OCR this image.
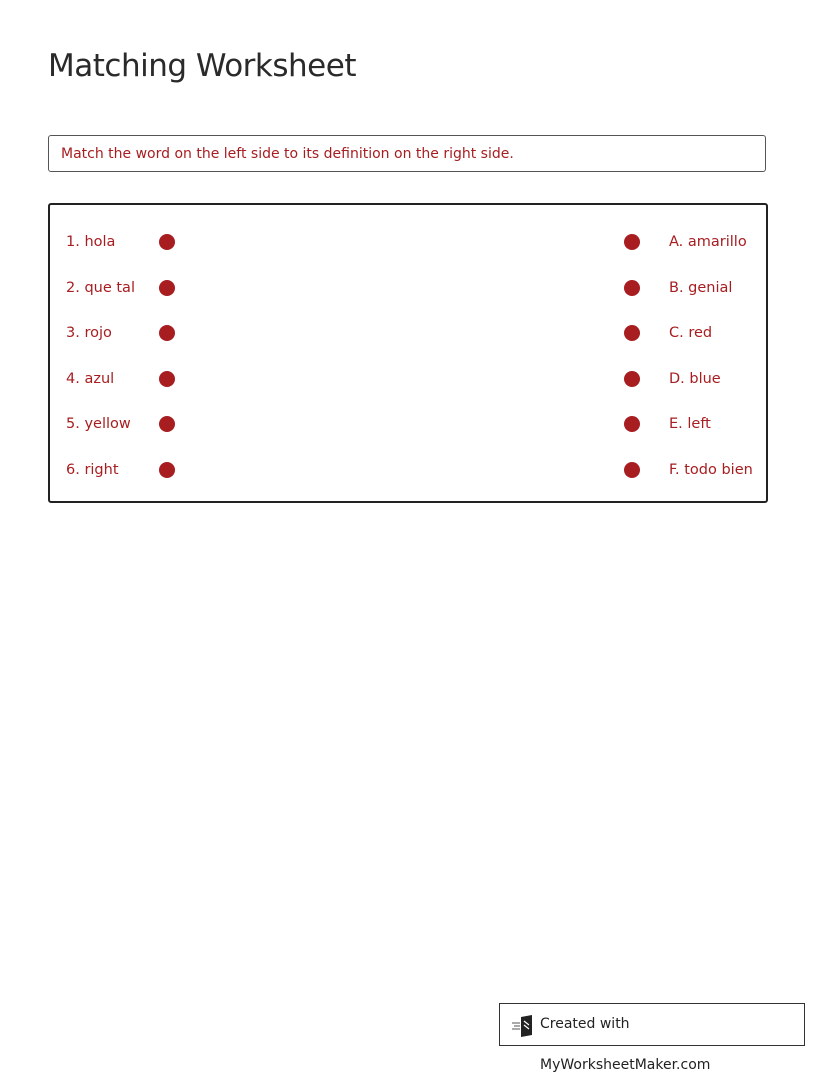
Matching Worksheet
Match the word on the left side to its definition on the right side.
1. hola	A. amarillo
2. que tal	B. genial
3. rojo	C. red
4. azul	D. blue
5. yellow	E. left
6. right	F. todo bien
Created with MyWorksheetMaker.com
